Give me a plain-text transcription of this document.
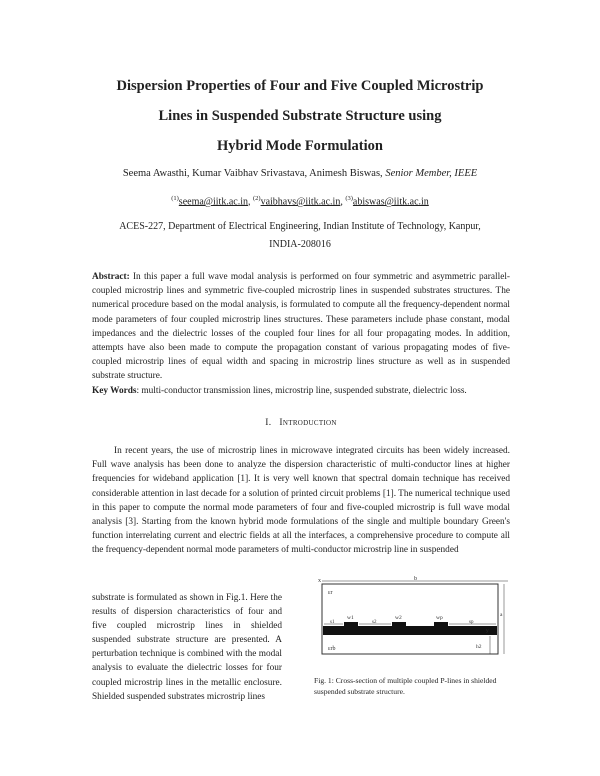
Dispersion Properties of Four and Five Coupled Microstrip
Lines in Suspended Substrate Structure using
Hybrid Mode Formulation
Seema Awasthi, Kumar Vaibhav Srivastava, Animesh Biswas, Senior Member, IEEE
$^{(1)}$seema@iitk.ac.in, $^{(2)}$vaibhavs@iitk.ac.in, $^{(3)}$abiswas@iitk.ac.in
ACES-227, Department of Electrical Engineering, Indian Institute of Technology, Kanpur,
INDIA-208016
Abstract: In this paper a full wave modal analysis is performed on four symmetric and asymmetric parallel-coupled microstrip lines and symmetric five-coupled microstrip lines in suspended substrates structures. The numerical procedure based on the modal analysis, is formulated to compute all the frequency-dependent normal mode parameters of four coupled microstrip lines structures. These parameters include phase constant, modal impedances and the dielectric losses of the coupled four lines for all four propagating modes. In addition, attempts have also been made to compute the propagation constant of various propagating modes of five-coupled microstrip lines of equal width and spacing in microstrip lines structure as well as in suspended substrate structure.
Key Words: multi-conductor transmission lines, microstrip line, suspended substrate, dielectric loss.
I. Introduction

In recent years, the use of microstrip lines in microwave integrated circuits has been widely increased. Full wave analysis has been done to analyze the dispersion characteristic of multi-conductor lines at higher frequencies for wideband application [1]. It is very well known that spectral domain technique has received considerable attention in last decade for a solution of printed circuit problems [1]. The numerical technique used in this paper to compute the normal mode parameters of four and five-coupled microstrip is full wave modal analysis [3]. Starting from the known hybrid mode formulations of the single and multiple boundary Green's function interrelating current and electric fields at all the interfaces, a comprehensive procedure to compute all the frequency-dependent normal mode parameters of multi-conductor microstrip line in suspended

substrate is formulated as shown in Fig.1. Here the results of dispersion characteristics of four and five coupled microstrip lines in shielded suspended substrate structure are presented. A perturbation technique is combined with the modal analysis to evaluate the dielectric losses for four coupled microstrip lines in the metallic enclosure. Shielded suspended substrates microstrip lines
x	b
εr
w1	w2	wp
s1	s2	sp
a
y
h2
εrb
Fig. 1: Cross-section of multiple coupled P-lines in shielded suspended substrate structure.
